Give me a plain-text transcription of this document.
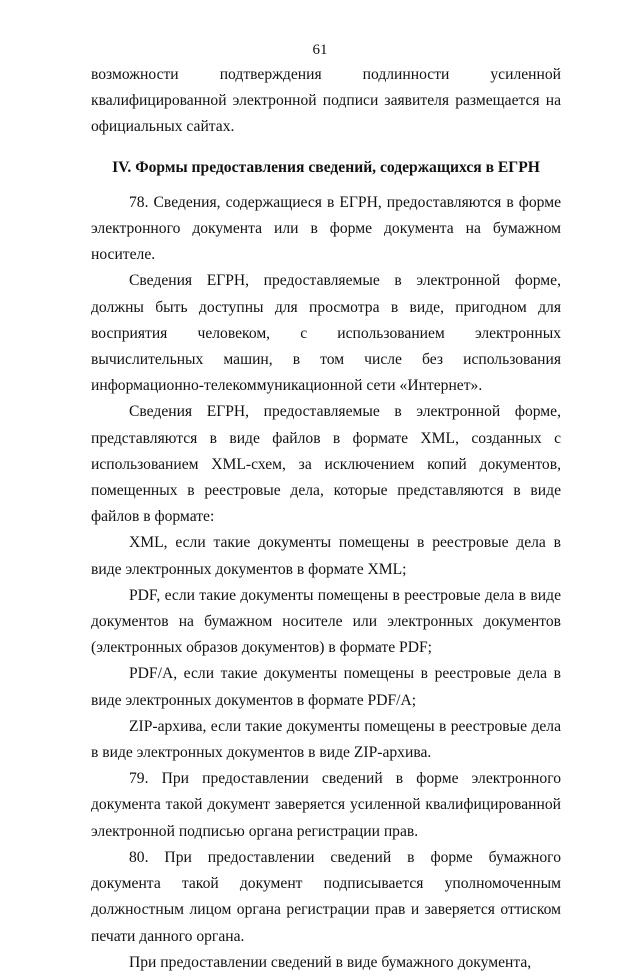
61

возможности подтверждения подлинности усиленной квалифицированной электронной подписи заявителя размещается на официальных сайтах.

IV. Формы предоставления сведений, содержащихся в ЕГРН

78. Сведения, содержащиеся в ЕГРН, предоставляются в форме электронного документа или в форме документа на бумажном носителе.

Сведения ЕГРН, предоставляемые в электронной форме, должны быть доступны для просмотра в виде, пригодном для восприятия человеком, с использованием электронных вычислительных машин, в том числе без использования информационно-телекоммуникационной сети «Интернет».

Сведения ЕГРН, предоставляемые в электронной форме, представляются в виде файлов в формате XML, созданных с использованием XML-схем, за исключением копий документов, помещенных в реестровые дела, которые представляются в виде файлов в формате:

XML, если такие документы помещены в реестровые дела в виде электронных документов в формате XML;

PDF, если такие документы помещены в реестровые дела в виде документов на бумажном носителе или электронных документов (электронных образов документов) в формате PDF;

PDF/A, если такие документы помещены в реестровые дела в виде электронных документов в формате PDF/A;

ZIP-архива, если такие документы помещены в реестровые дела в виде электронных документов в виде ZIP-архива.

79. При предоставлении сведений в форме электронного документа такой документ заверяется усиленной квалифицированной электронной подписью органа регистрации прав.

80. При предоставлении сведений в форме бумажного документа такой документ подписывается уполномоченным должностным лицом органа регистрации прав и заверяется оттиском печати данного органа.

При предоставлении сведений в виде бумажного документа,
